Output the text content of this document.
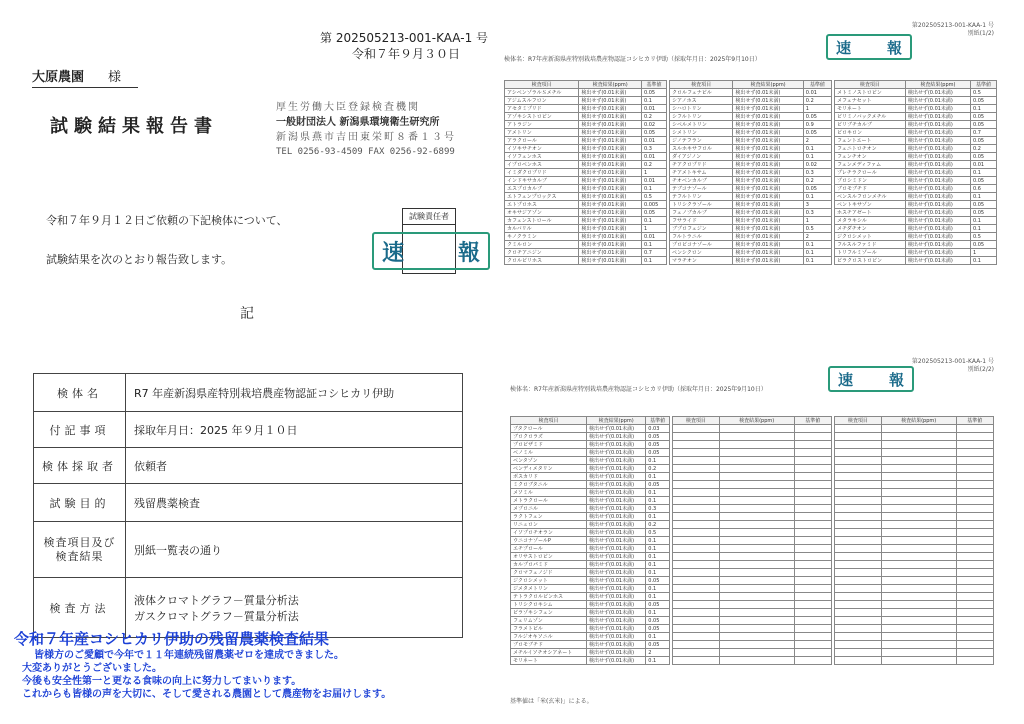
第 202505213-001-KAA-1 号
令和７年９月３０日
大原農園 様
試験結果報告書
厚生労働大臣登録検査機関
一般財団法人 新潟県環境衛生研究所
新潟県燕市吉田東栄町８番１３号
TEL 0256-93-4509 FAX 0256-92-6899
令和７年９月１２日ご依頼の下記検体について、
試験結果を次のとおり報告致します。
試験責任者
速 報
記
検体名	R7 年産新潟県産特別栽培農産物認証コシヒカリ伊助
付記事項	採取年月日：2025 年９月１０日
検体採取者	依頼者
試験目的	残留農薬検査
検査項目及び検査結果	別紙一覧表の通り
検査方法	液体クロマトグラフ－質量分析法
ガスクロマトグラフ－質量分析法
令和７年産コシヒカリ伊助の残留農薬検査結果
皆様方のご愛顧で今年で１１年連続残留農薬ゼロを達成できました。
大変ありがとうございました。
今後も安全性第一と更なる食味の向上に努力してまいります。
これからも皆様の声を大切に、そして愛される農園として農産物をお届けします。
第202505213-001-KAA-1 号
別紙(1/2)
検体名：R7年産新潟県産特別栽培農産物認証コシヒカリ伊助（採取年月日：2025年9月10日）
検査項目	検査結果(ppm)	基準値
アシベンゾラルＳメチル	検出せず(0.01未満)	0.05
アジムスルフロン	検出せず(0.01未満)	0.1
アセタミプリド	検出せず(0.01未満)	0.01
アゾキシストロビン	検出せず(0.01未満)	0.2
アトラジン	検出せず(0.01未満)	0.02
アメトリン	検出せず(0.01未満)	0.05
アラクロール	検出せず(0.01未満)	0.01
イソキサチオン	検出せず(0.01未満)	0.3
イソフェンホス	検出せず(0.01未満)	0.01
イプロベンホス	検出せず(0.01未満)	0.2
イミダクロプリド	検出せず(0.01未満)	1
インドキサカルブ	検出せず(0.01未満)	0.01
エスプロカルブ	検出せず(0.01未満)	0.1
エトフェンプロックス	検出せず(0.01未満)	0.5
エトプロホス	検出せず(0.01未満)	0.005
オキサジアゾン	検出せず(0.01未満)	0.05
カフェンストロール	検出せず(0.01未満)	0.1
カルバリル	検出せず(0.01未満)	1
キノクラミン	検出せず(0.01未満)	0.01
クミルロン	検出せず(0.01未満)	0.1
クロチアニジン	検出せず(0.01未満)	0.7
クロルピリホス	検出せず(0.01未満)	0.1
検査項目	検査結果(ppm)	基準値
クロルフェナピル	検出せず(0.01未満)	0.01
シアノホス	検出せず(0.01未満)	0.2
シハロトリン	検出せず(0.01未満)	1
シフルトリン	検出せず(0.01未満)	0.05
シペルメトリン	検出せず(0.01未満)	0.9
シメトリン	検出せず(0.01未満)	0.05
ジノテフラン	検出せず(0.01未満)	2
スルホキサフロル	検出せず(0.01未満)	0.1
ダイアジノン	検出せず(0.01未満)	0.1
チアクロプリド	検出せず(0.01未満)	0.02
チアメトキサム	検出せず(0.01未満)	0.3
チオベンカルブ	検出せず(0.01未満)	0.2
テブコナゾール	検出せず(0.01未満)	0.05
テフルトリン	検出せず(0.01未満)	0.1
トリシクラゾール	検出せず(0.01未満)	3
フェノブカルブ	検出せず(0.01未満)	0.3
フサライド	検出せず(0.01未満)	1
ブプロフェジン	検出せず(0.01未満)	0.5
フルトラニル	検出せず(0.01未満)	2
プロピコナゾール	検出せず(0.01未満)	0.1
ペンシクロン	検出せず(0.01未満)	0.1
マラチオン	検出せず(0.01未満)	0.1
検査項目	検査結果(ppm)	基準値
メトミノストロビン	検出せず(0.01未満)	0.5
メフェナセット	検出せず(0.01未満)	0.05
モリネート	検出せず(0.01未満)	0.1
ピリミノバックメチル	検出せず(0.01未満)	0.05
ピリブチカルブ	検出せず(0.01未満)	0.05
ピロキロン	検出せず(0.01未満)	0.7
フェントエート	検出せず(0.01未満)	0.05
フェニトロチオン	検出せず(0.01未満)	0.2
フェンチオン	検出せず(0.01未満)	0.05
フェンメディファム	検出せず(0.01未満)	0.01
プレチラクロール	検出せず(0.01未満)	0.1
プロシミドン	検出せず(0.01未満)	0.05
ブロモブチド	検出せず(0.01未満)	0.6
ベンスルフロンメチル	検出せず(0.01未満)	0.1
ペントキサゾン	検出せず(0.01未満)	0.05
ホスチアゼート	検出せず(0.01未満)	0.05
メタラキシル	検出せず(0.01未満)	0.1
メチダチオン	検出せず(0.01未満)	0.1
ジクロシメット	検出せず(0.01未満)	0.5
フルスルファミド	検出せず(0.01未満)	0.05
トリフルミゾール	検出せず(0.01未満)	1
ピラクロストロビン	検出せず(0.01未満)	0.1
速 報
第202505213-001-KAA-1 号
別紙(2/2)
検体名：R7年産新潟県産特別栽培農産物認証コシヒカリ伊助（採取年月日：2025年9月10日）
検査項目	検査結果(ppm)	基準値
ブタクロール	検出せず(0.01未満)	0.03
ブロクロラズ	検出せず(0.01未満)	0.05
プロピザミド	検出せず(0.01未満)	0.05
ベノミル	検出せず(0.01未満)	0.05
ベンタゾン	検出せず(0.01未満)	0.1
ペンディメタリン	検出せず(0.01未満)	0.2
ボスカリド	検出せず(0.01未満)	0.1
ミクロブタニル	検出せず(0.01未満)	0.05
メソミル	検出せず(0.01未満)	0.1
メトラクロール	検出せず(0.01未満)	0.1
メプロニル	検出せず(0.01未満)	0.3
ラクトフェン	検出せず(0.01未満)	0.1
リニュロン	検出せず(0.01未満)	0.2
イソプロチオラン	検出せず(0.01未満)	0.5
ウニコナゾールP	検出せず(0.01未満)	0.1
エチプロール	検出せず(0.01未満)	0.1
オリサストロビン	検出せず(0.01未満)	0.1
カルプロパミド	検出せず(0.01未満)	0.1
クロマフェノジド	検出せず(0.01未満)	0.1
ジクロシメット	検出せず(0.01未満)	0.05
ジメタメトリン	検出せず(0.01未満)	0.1
テトラクロルビンホス	検出せず(0.01未満)	0.1
トリシクロキシム	検出せず(0.01未満)	0.05
ピラゾキシフェン	検出せず(0.01未満)	0.1
フェリムゾン	検出せず(0.01未満)	0.05
フラメトピル	検出せず(0.01未満)	0.05
フルジオキソニル	検出せず(0.01未満)	0.1
ブロモブチド	検出せず(0.01未満)	0.05
メチルイソチオシアネート	検出せず(0.01未満)	2
モリネート	検出せず(0.01未満)	0.1
検査項目	検査結果(ppm)	基準値

			検査項目	検査結果(ppm)	基準値

基準値は「米(玄米)」による。
速 報
